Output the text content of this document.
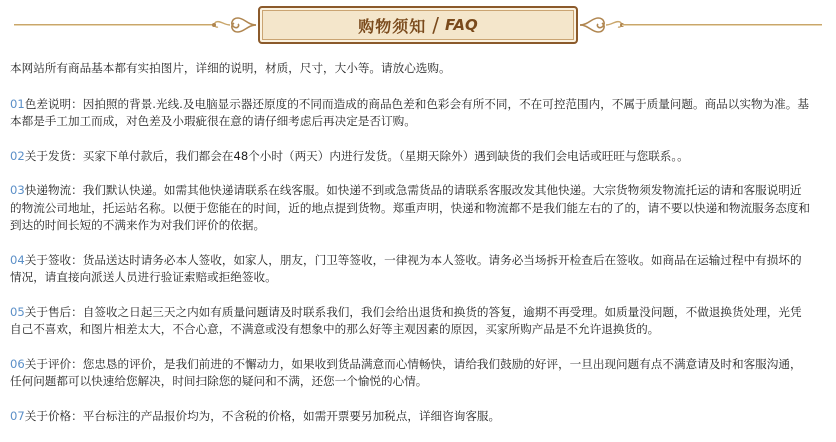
购物须知 / FAQ

本网站所有商品基本都有实拍图片，详细的说明，材质，尺寸，大小等。请放心选购。

01色差说明：因拍照的背景.光线.及电脑显示器还原度的不同而造成的商品色差和色彩会有所不同，不在可控范围内，不属于质量问题。商品以实物为准。基本都是手工加工而成，对色差及小瑕疵很在意的请仔细考虑后再决定是否订购。

02关于发货：买家下单付款后，我们都会在48个小时（两天）内进行发货。（星期天除外）遇到缺货的我们会电话或旺旺与您联系。。

03快递物流：我们默认快递。如需其他快递请联系在线客服。如快递不到或急需货品的请联系客服改发其他快递。大宗货物须发物流托运的请和客服说明近的物流公司地址，托运站名称。以便于您能在的时间，近的地点提到货物。郑重声明，快递和物流都不是我们能左右的了的，请不要以快递和物流服务态度和到达的时间长短的不满来作为对我们评价的依据。

04关于签收：货品送达时请务必本人签收，如家人，朋友，门卫等签收，一律视为本人签收。请务必当场拆开检查后在签收。如商品在运输过程中有损坏的情况，请直接向派送人员进行验证索赔或拒绝签收。

05关于售后：自签收之日起三天之内如有质量问题请及时联系我们，我们会给出退货和换货的答复，逾期不再受理。如质量没问题，不做退换货处理，光凭自己不喜欢，和图片相差太大，不合心意，不满意或没有想象中的那么好等主观因素的原因，买家所购产品是不允许退换货的。

06关于评价：您忠恳的评价，是我们前进的不懈动力，如果收到货品满意而心情畅快，请给我们鼓励的好评，一旦出现问题有点不满意请及时和客服沟通，任何问题都可以快速给您解决，时间扫除您的疑问和不满，还您一个愉悦的心情。

07关于价格：平台标注的产品报价均为，不含税的价格，如需开票要另加税点，详细咨询客服。
